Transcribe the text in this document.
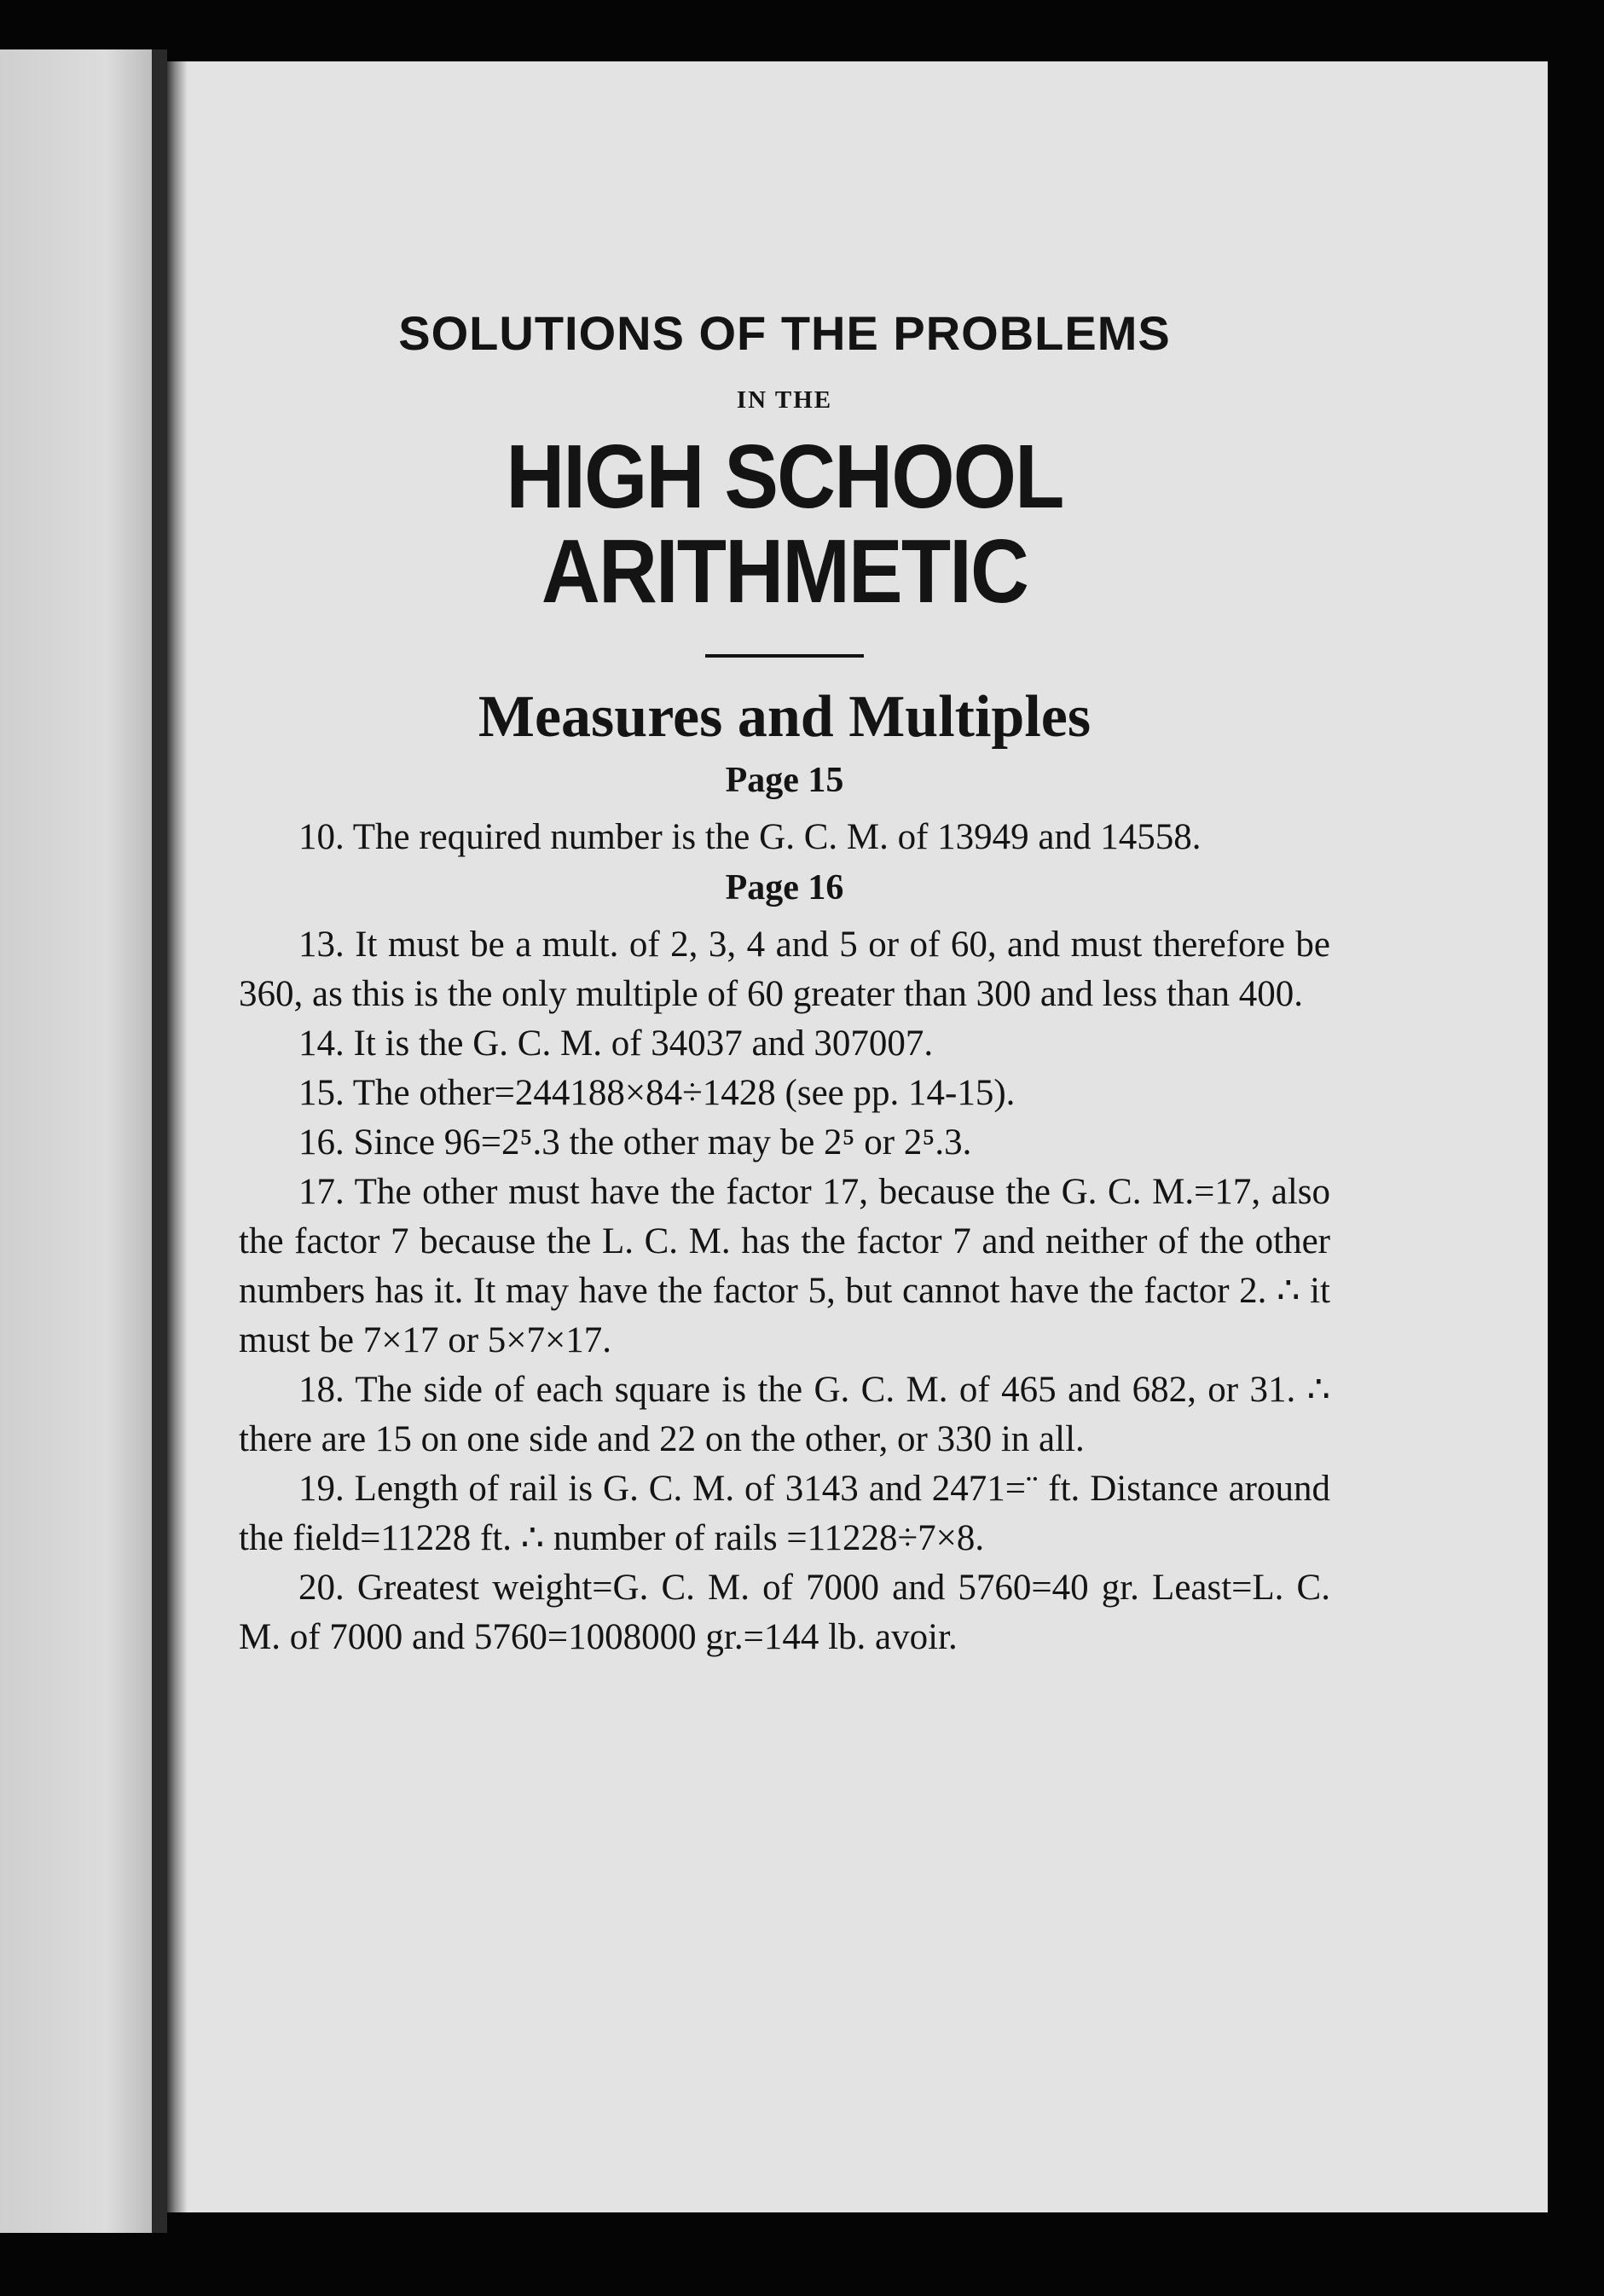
SOLUTIONS OF THE PROBLEMS
IN THE
HIGH SCHOOL ARITHMETIC
Measures and Multiples
Page 15

10. The required number is the G. C. M. of 13949 and 14558.

Page 16

13. It must be a mult. of 2, 3, 4 and 5 or of 60, and must therefore be 360, as this is the only multiple of 60 greater than 300 and less than 400.

14. It is the G. C. M. of 34037 and 307007.

15. The other=244188×84÷1428 (see pp. 14-15).

16. Since 96=2⁵.3 the other may be 2⁵ or 2⁵.3.

17. The other must have the factor 17, because the G. C. M.=17, also the factor 7 because the L. C. M. has the factor 7 and neither of the other numbers has it. It may have the factor 5, but cannot have the factor 2. ∴ it must be 7×17 or 5×7×17.

18. The side of each square is the G. C. M. of 465 and 682, or 31. ∴ there are 15 on one side and 22 on the other, or 330 in all.

19. Length of rail is G. C. M. of 3143 and 2471=¨ ft. Distance around the field=11228 ft. ∴ number of rails =11228÷7×8.

20. Greatest weight=G. C. M. of 7000 and 5760=40 gr. Least=L. C. M. of 7000 and 5760=1008000 gr.=144 lb. avoir.
